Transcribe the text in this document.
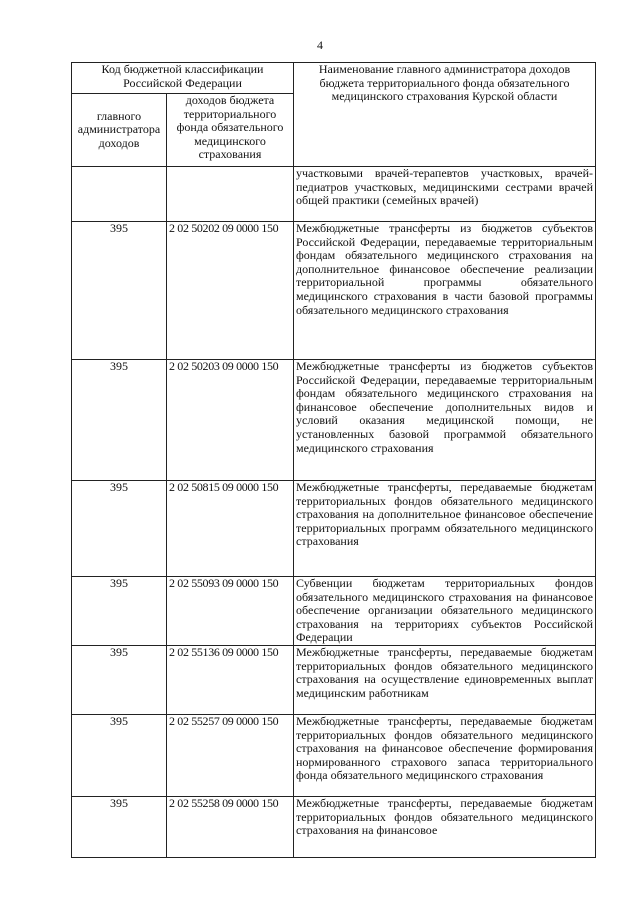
4
Код бюджетной классификации Российской Федерации		Наименование главного администратора доходов бюджета территориального фонда обязательного медицинского страхования Курской области
главного администратора доходов	доходов бюджета территориального фонда обязательного медицинского страхования	
		участковыми врачей-терапевтов участковых, врачей-педиатров участковых, медицинскими сестрами врачей общей практики (семейных врачей)
395	2 02 50202 09 0000 150	Межбюджетные трансферты из бюджетов субъектов Российской Федерации, передаваемые территориальным фондам обязательного медицинского страхования на дополнительное финансовое обеспечение реализации территориальной программы обязательного медицинского страхования в части базовой программы обязательного медицинского страхования
395	2 02 50203 09 0000 150	Межбюджетные трансферты из бюджетов субъектов Российской Федерации, передаваемые территориальным фондам обязательного медицинского страхования на финансовое обеспечение дополнительных видов и условий оказания медицинской помощи, не установленных базовой программой обязательного медицинского страхования
395	2 02 50815 09 0000 150	Межбюджетные трансферты, передаваемые бюджетам территориальных фондов обязательного медицинского страхования на дополнительное финансовое обеспечение территориальных программ обязательного медицинского страхования
395	2 02 55093 09 0000 150	Субвенции бюджетам территориальных фондов обязательного медицинского страхования на финансовое обеспечение организации обязательного медицинского страхования на территориях субъектов Российской Федерации
395	2 02 55136 09 0000 150	Межбюджетные трансферты, передаваемые бюджетам территориальных фондов обязательного медицинского страхования на осуществление единовременных выплат медицинским работникам
395	2 02 55257 09 0000 150	Межбюджетные трансферты, передаваемые бюджетам территориальных фондов обязательного медицинского страхования на финансовое обеспечение формирования нормированного страхового запаса территориального фонда обязательного медицинского страхования
395	2 02 55258 09 0000 150	Межбюджетные трансферты, передаваемые бюджетам территориальных фондов обязательного медицинского страхования на финансовое
